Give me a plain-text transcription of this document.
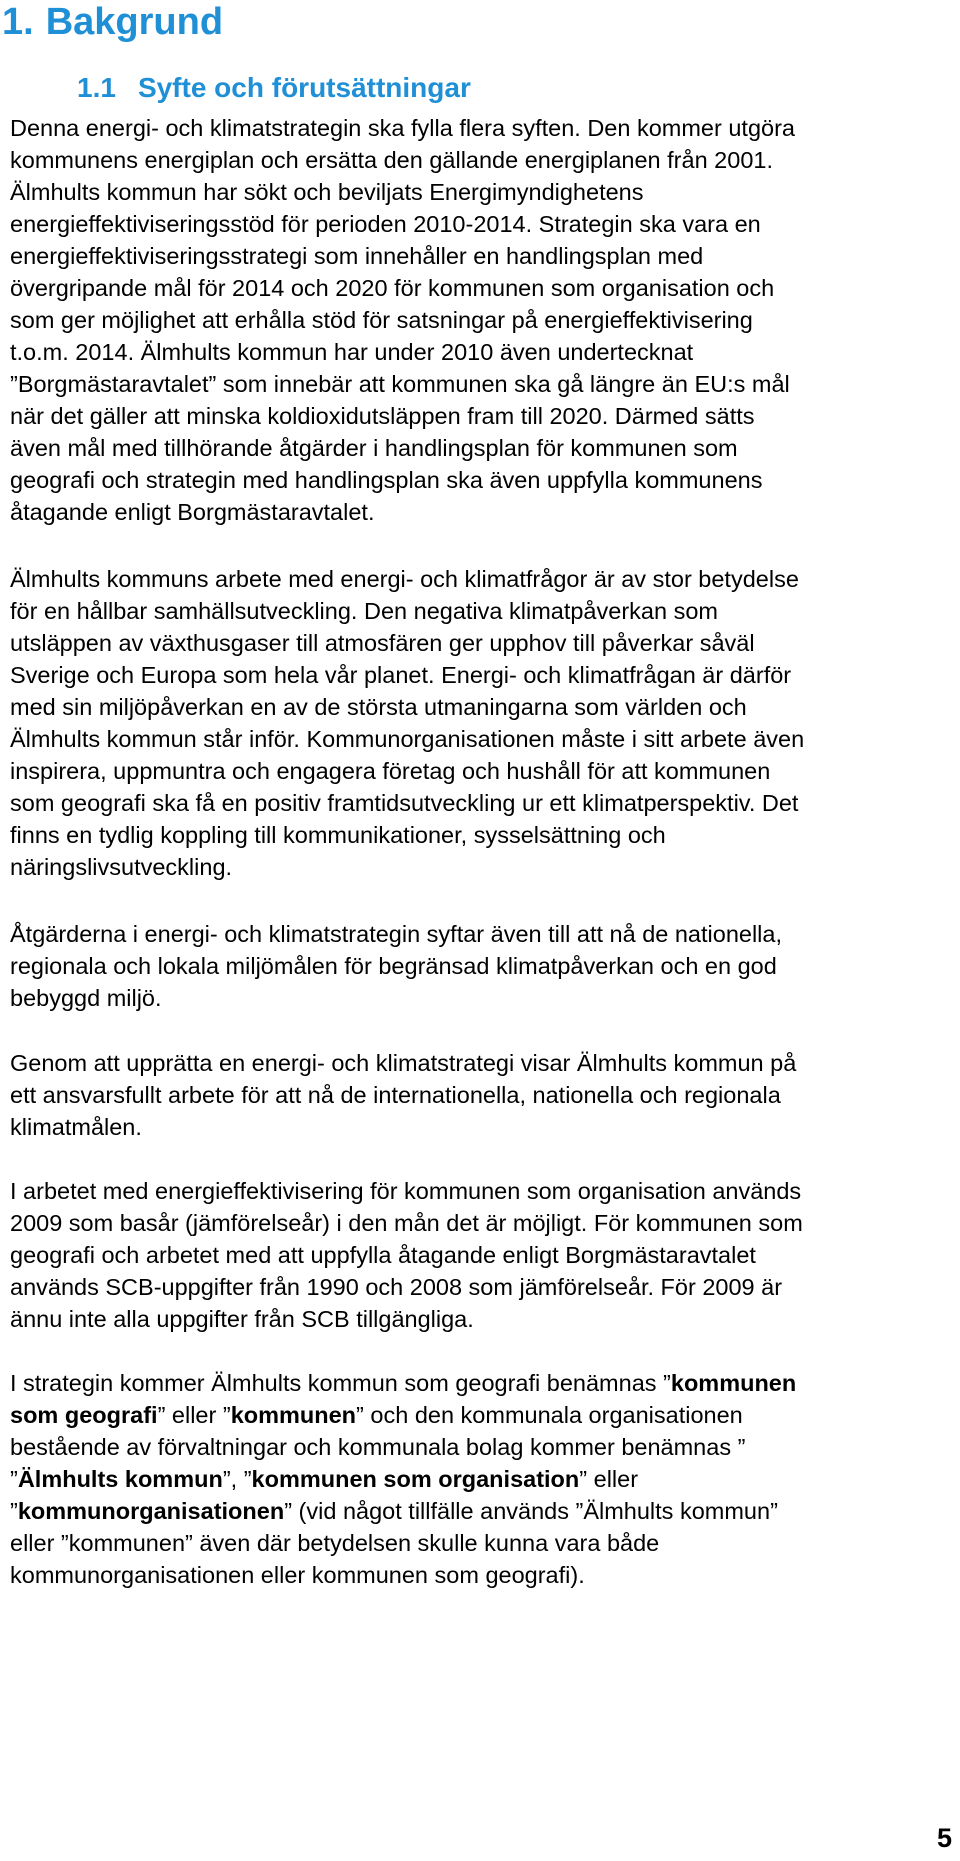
1. Bakgrund
1.1 Syfte och förutsättningar

Denna energi- och klimatstrategin ska fylla flera syften. Den kommer utgöra
kommunens energiplan och ersätta den gällande energiplanen från 2001.
Älmhults kommun har sökt och beviljats Energimyndighetens
energieffektiviseringsstöd för perioden 2010-2014. Strategin ska vara en
energieffektiviseringsstrategi som innehåller en handlingsplan med
övergripande mål för 2014 och 2020 för kommunen som organisation och
som ger möjlighet att erhålla stöd för satsningar på energieffektivisering
t.o.m. 2014. Älmhults kommun har under 2010 även undertecknat
”Borgmästaravtalet” som innebär att kommunen ska gå längre än EU:s mål
när det gäller att minska koldioxidutsläppen fram till 2020. Därmed sätts
även mål med tillhörande åtgärder i handlingsplan för kommunen som
geografi och strategin med handlingsplan ska även uppfylla kommunens
åtagande enligt Borgmästaravtalet.

Älmhults kommuns arbete med energi- och klimatfrågor är av stor betydelse
för en hållbar samhällsutveckling. Den negativa klimatpåverkan som
utsläppen av växthusgaser till atmosfären ger upphov till påverkar såväl
Sverige och Europa som hela vår planet. Energi- och klimatfrågan är därför
med sin miljöpåverkan en av de största utmaningarna som världen och
Älmhults kommun står inför. Kommunorganisationen måste i sitt arbete även
inspirera, uppmuntra och engagera företag och hushåll för att kommunen
som geografi ska få en positiv framtidsutveckling ur ett klimatperspektiv. Det
finns en tydlig koppling till kommunikationer, sysselsättning och
näringslivsutveckling.

Åtgärderna i energi- och klimatstrategin syftar även till att nå de nationella,
regionala och lokala miljömålen för begränsad klimatpåverkan och en god
bebyggd miljö.

Genom att upprätta en energi- och klimatstrategi visar Älmhults kommun på
ett ansvarsfullt arbete för att nå de internationella, nationella och regionala
klimatmålen.

I arbetet med energieffektivisering för kommunen som organisation används
2009 som basår (jämförelseår) i den mån det är möjligt. För kommunen som
geografi och arbetet med att uppfylla åtagande enligt Borgmästaravtalet
används SCB-uppgifter från 1990 och 2008 som jämförelseår. För 2009 är
ännu inte alla uppgifter från SCB tillgängliga.

I strategin kommer Älmhults kommun som geografi benämnas ”kommunen
som geografi” eller ”kommunen” och den kommunala organisationen
bestående av förvaltningar och kommunala bolag kommer benämnas ”
”Älmhults kommun”, ”kommunen som organisation” eller
”kommunorganisationen” (vid något tillfälle används ”Älmhults kommun”
eller ”kommunen” även där betydelsen skulle kunna vara både
kommunorganisationen eller kommunen som geografi).

5
